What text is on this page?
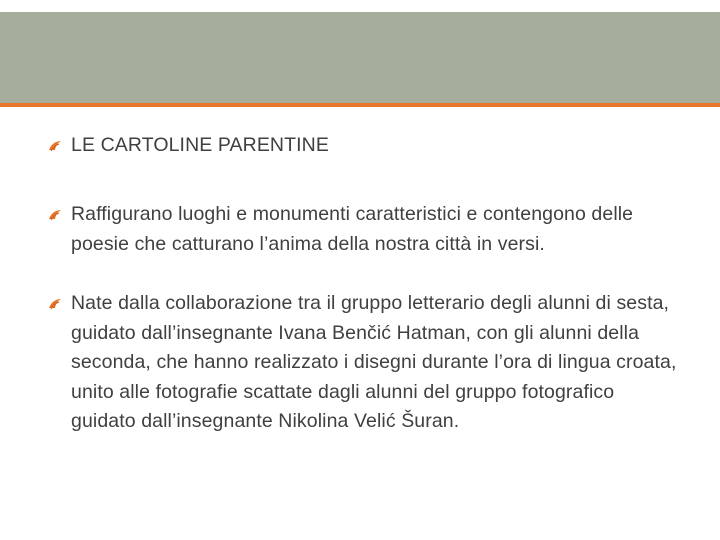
LE CARTOLINE PARENTINE
Raffigurano luoghi e monumenti caratteristici e contengono delle poesie che catturano l’anima della nostra città in versi.
Nate dalla collaborazione tra il gruppo letterario degli alunni di sesta, guidato dall’insegnante Ivana Benčić Hatman, con gli alunni della seconda, che hanno realizzato i disegni durante l’ora di lingua croata, unito alle fotografie scattate dagli alunni del gruppo fotografico guidato dall’insegnante Nikolina Velić Šuran.
